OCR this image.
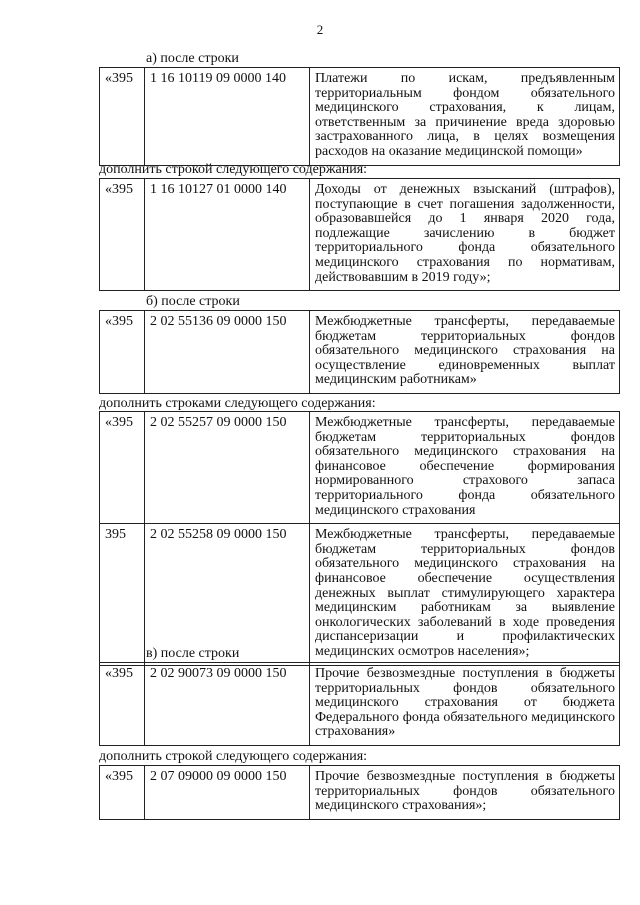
2
а) после строки
«395	1 16 10119 09 0000 140	Платежи по искам, предъявленным территориальным фондом обязательного медицинского страхования, к лицам, ответственным за причинение вреда здоровью застрахованного лица, в целях возмещения расходов на оказание медицинской помощи»
дополнить строкой следующего содержания:
«395	1 16 10127 01 0000 140	Доходы от денежных взысканий (штрафов), поступающие в счет погашения задолженности, образовавшейся до 1 января 2020 года, подлежащие зачислению в бюджет территориального фонда обязательного медицинского страхования по нормативам, действовавшим в 2019 году»;
б) после строки
«395	2 02 55136 09 0000 150	Межбюджетные трансферты, передаваемые бюджетам территориальных фондов обязательного медицинского страхования на осуществление единовременных выплат медицинским работникам»
дополнить строками следующего содержания:
«395	2 02 55257 09 0000 150	Межбюджетные трансферты, передаваемые бюджетам территориальных фондов обязательного медицинского страхования на финансовое обеспечение формирования нормированного страхового запаса территориального фонда обязательного медицинского страхования
395	2 02 55258 09 0000 150	Межбюджетные трансферты, передаваемые бюджетам территориальных фондов обязательного медицинского страхования на финансовое обеспечение осуществления денежных выплат стимулирующего характера медицинским работникам за выявление онкологических заболеваний в ходе проведения диспансеризации и профилактических медицинских осмотров населения»;
в) после строки
«395	2 02 90073 09 0000 150	Прочие безвозмездные поступления в бюджеты территориальных фондов обязательного медицинского страхования от бюджета Федерального фонда обязательного медицинского страхования»
дополнить строкой следующего содержания:
«395	2 07 09000 09 0000 150	Прочие безвозмездные поступления в бюджеты территориальных фондов обязательного медицинского страхования»;
